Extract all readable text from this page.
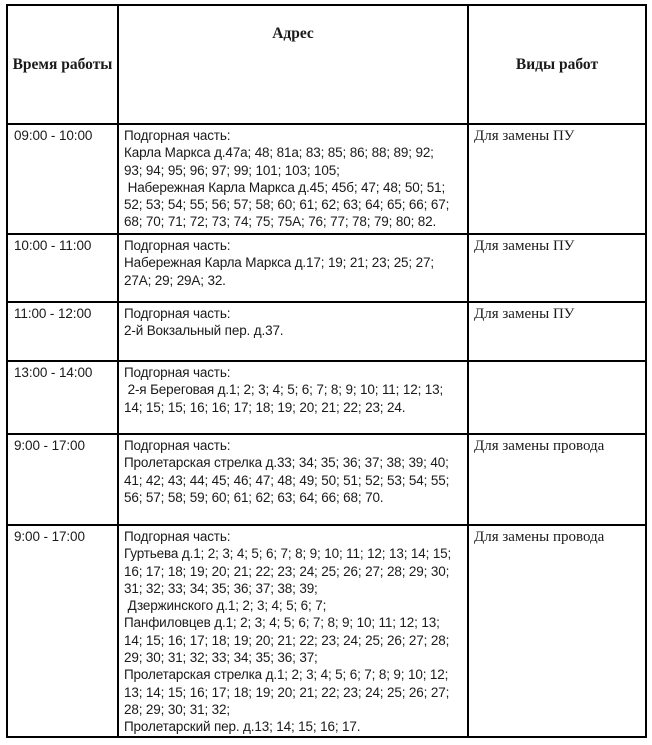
Время работы
Адрес
Виды работ
09:00 - 10:00	Подгорная часть:
Карла Маркса д.47а; 48; 81а; 83; 85; 86; 88; 89; 92;
93; 94; 95; 96; 97; 99; 101; 103; 105;
Набережная Карла Маркса д.45; 45б; 47; 48; 50; 51;
52; 53; 54; 55; 56; 57; 58; 60; 61; 62; 63; 64; 65; 66; 67;
68; 70; 71; 72; 73; 74; 75; 75А; 76; 77; 78; 79; 80; 82.
Для замены ПУ
10:00 - 11:00	Подгорная часть:
Набережная Карла Маркса д.17; 19; 21; 23; 25; 27;
27А; 29; 29А; 32.
Для замены ПУ
11:00 - 12:00	Подгорная часть:
2-й Вокзальный пер. д.37.
Для замены ПУ
13:00 - 14:00	Подгорная часть:
2-я Береговая д.1; 2; 3; 4; 5; 6; 7; 8; 9; 10; 11; 12; 13;
14; 15; 15; 16; 16; 17; 18; 19; 20; 21; 22; 23; 24.
9:00 - 17:00	Подгорная часть:
Пролетарская стрелка д.33; 34; 35; 36; 37; 38; 39; 40;
41; 42; 43; 44; 45; 46; 47; 48; 49; 50; 51; 52; 53; 54; 55;
56; 57; 58; 59; 60; 61; 62; 63; 64; 66; 68; 70.
Для замены провода
9:00 - 17:00	Подгорная часть:
Гуртьева д.1; 2; 3; 4; 5; 6; 7; 8; 9; 10; 11; 12; 13; 14; 15;
16; 17; 18; 19; 20; 21; 22; 23; 24; 25; 26; 27; 28; 29; 30;
31; 32; 33; 34; 35; 36; 37; 38; 39;
Дзержинского д.1; 2; 3; 4; 5; 6; 7;
Панфиловцев д.1; 2; 3; 4; 5; 6; 7; 8; 9; 10; 11; 12; 13;
14; 15; 16; 17; 18; 19; 20; 21; 22; 23; 24; 25; 26; 27; 28;
29; 30; 31; 32; 33; 34; 35; 36; 37;
Пролетарская стрелка д.1; 2; 3; 4; 5; 6; 7; 8; 9; 10; 12;
13; 14; 15; 16; 17; 18; 19; 20; 21; 22; 23; 24; 25; 26; 27;
28; 29; 30; 31; 32;
Пролетарский пер. д.13; 14; 15; 16; 17.
Для замены провода
